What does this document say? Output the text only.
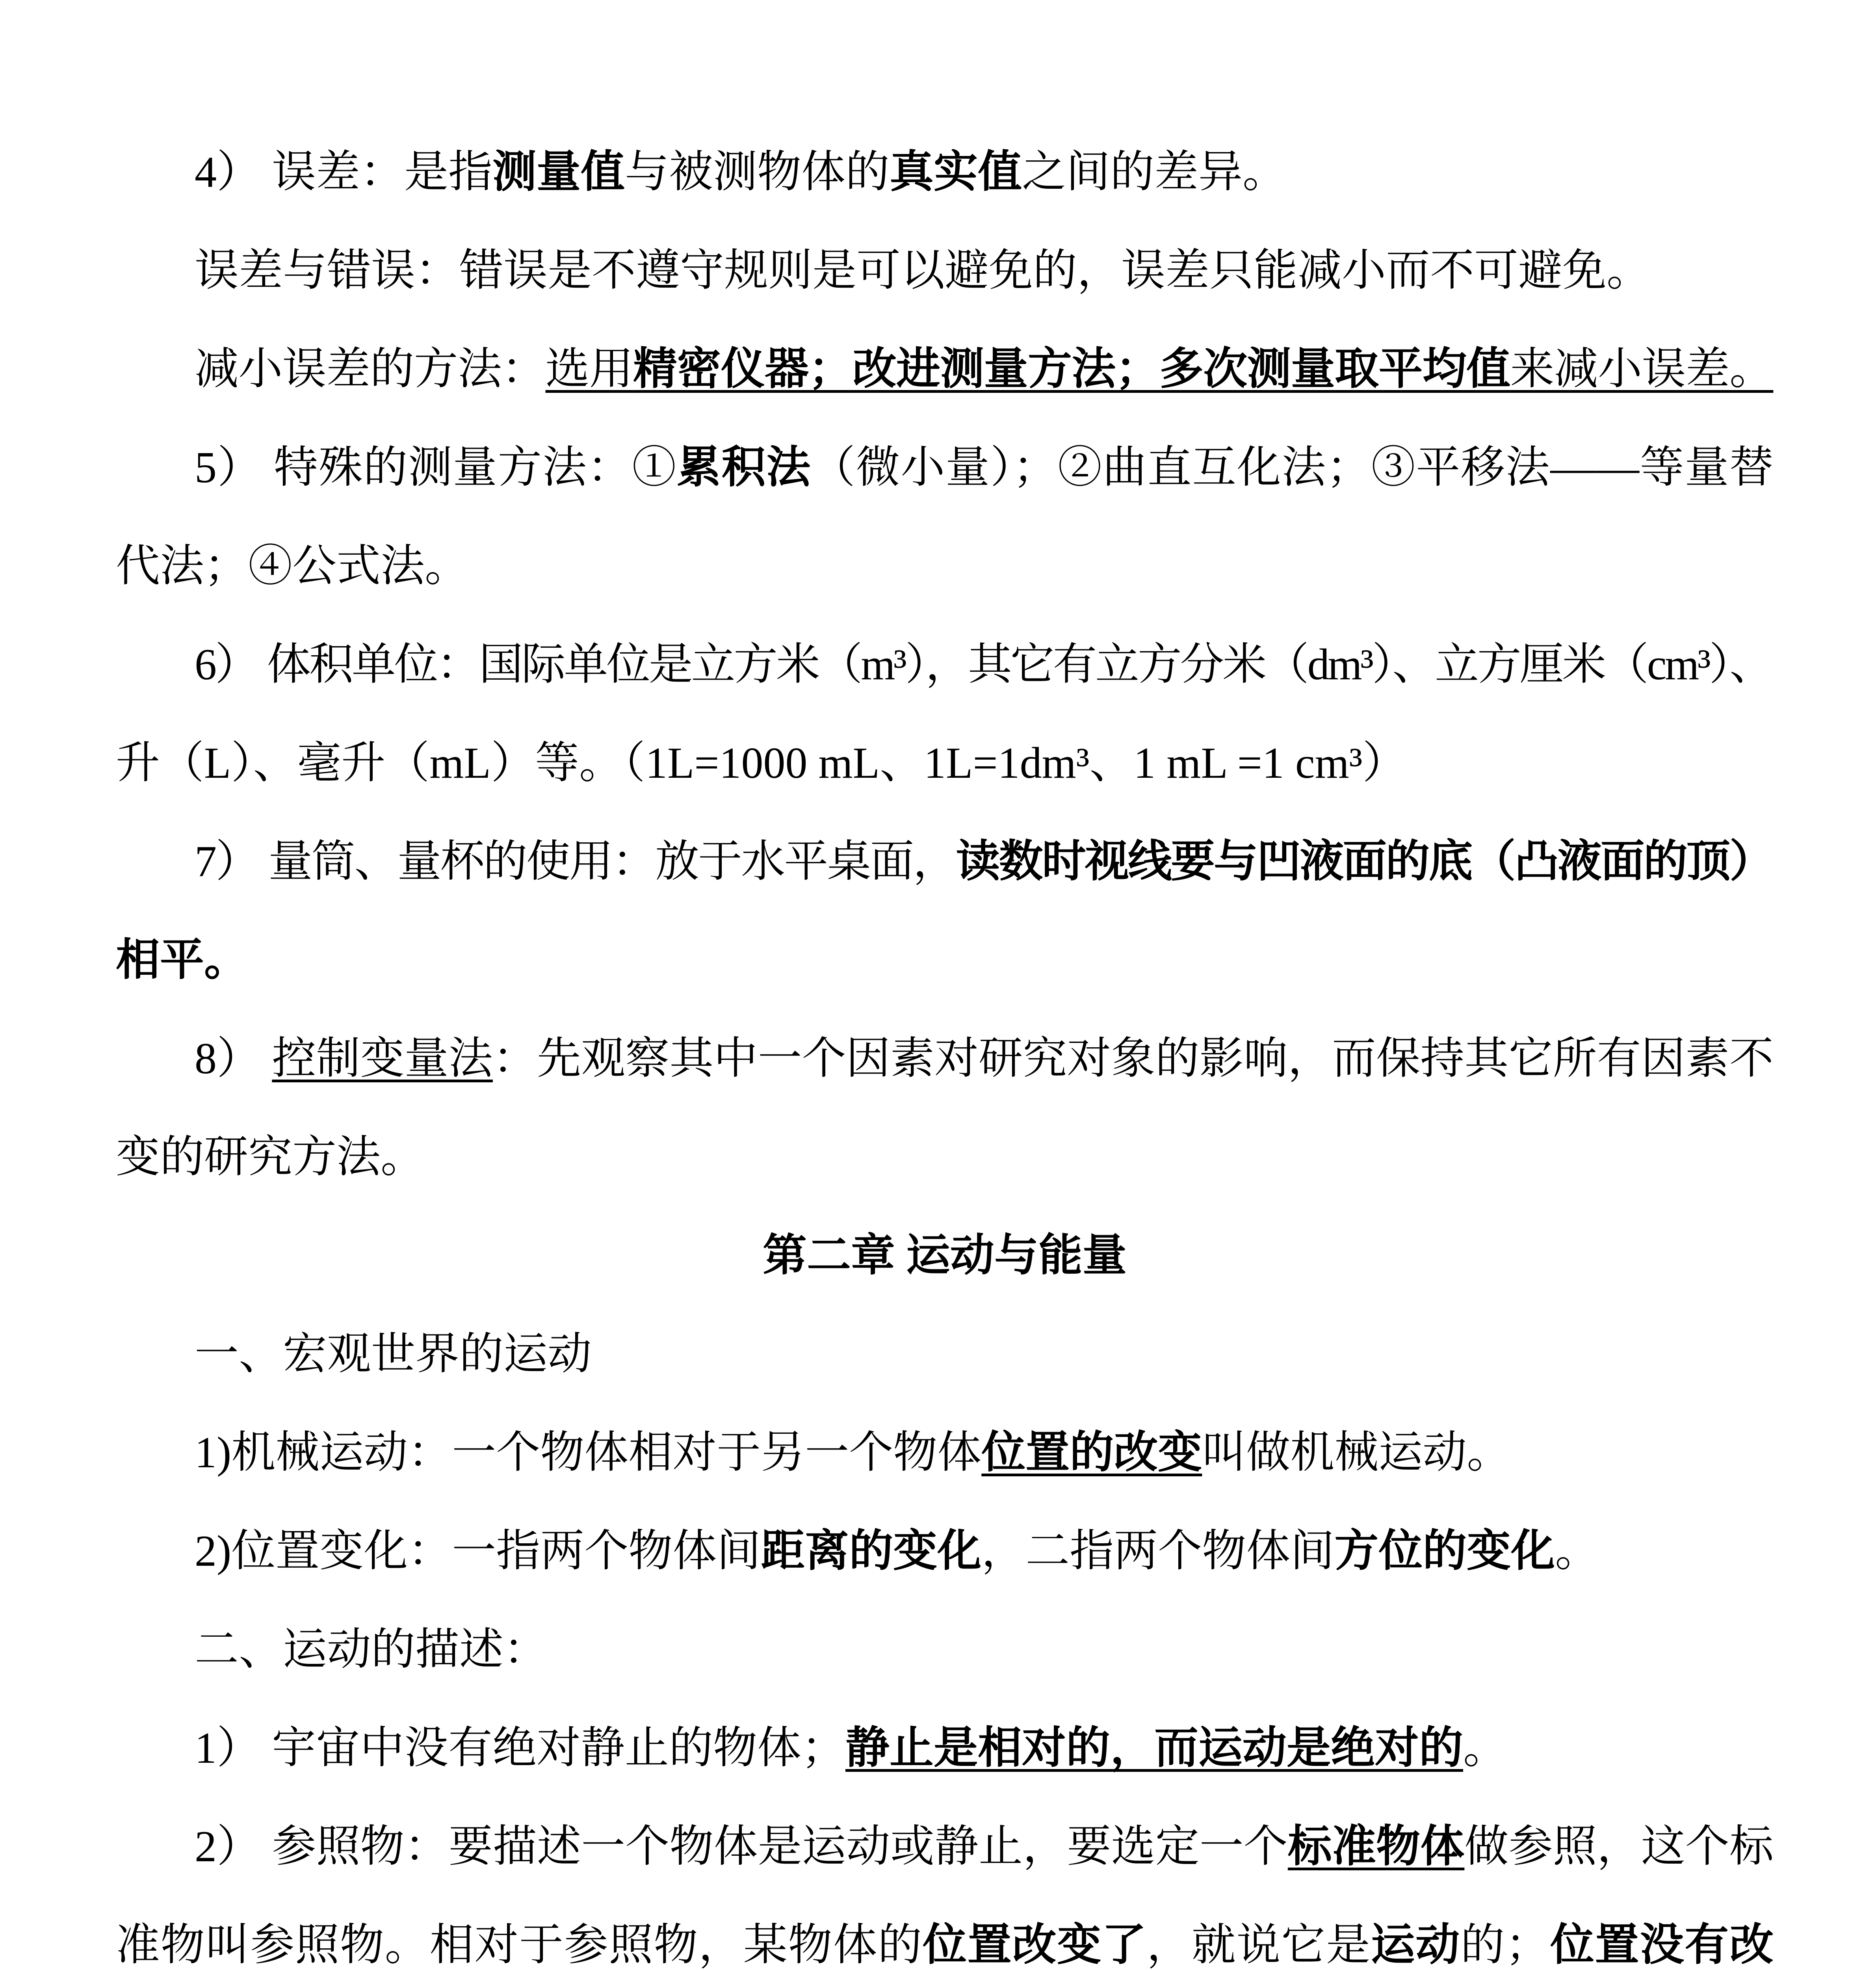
4） 误差：是指测量值与被测物体的真实值之间的差异。
误差与错误：错误是不遵守规则是可以避免的，误差只能减小而不可避免。
减小误差的方法：选用精密仪器；改进测量方法；多次测量取平均值来减小误差。
5） 特殊的测量方法：①累积法（微小量）；②曲直互化法；③平移法——等量替
代法；④公式法。
6） 体积单位：国际单位是立方米（m³），其它有立方分米（dm³）、立方厘米（cm³）、
升（L）、毫升（mL）等。（1L=1000 mL、1L=1dm³、1 mL =1 cm³）
7） 量筒、量杯的使用：放于水平桌面，读数时视线要与凹液面的底（凸液面的顶）
相平。
8） 控制变量法：先观察其中一个因素对研究对象的影响，而保持其它所有因素不
变的研究方法。
第二章 运动与能量
一、宏观世界的运动
1)机械运动：一个物体相对于另一个物体位置的改变叫做机械运动。
2)位置变化：一指两个物体间距离的变化，二指两个物体间方位的变化。
二、运动的描述：
1） 宇宙中没有绝对静止的物体；静止是相对的，而运动是绝对的。
2） 参照物：要描述一个物体是运动或静止，要选定一个标准物体做参照，这个标
准物叫参照物。相对于参照物，某物体的位置改变了，就说它是运动的；位置没有改
